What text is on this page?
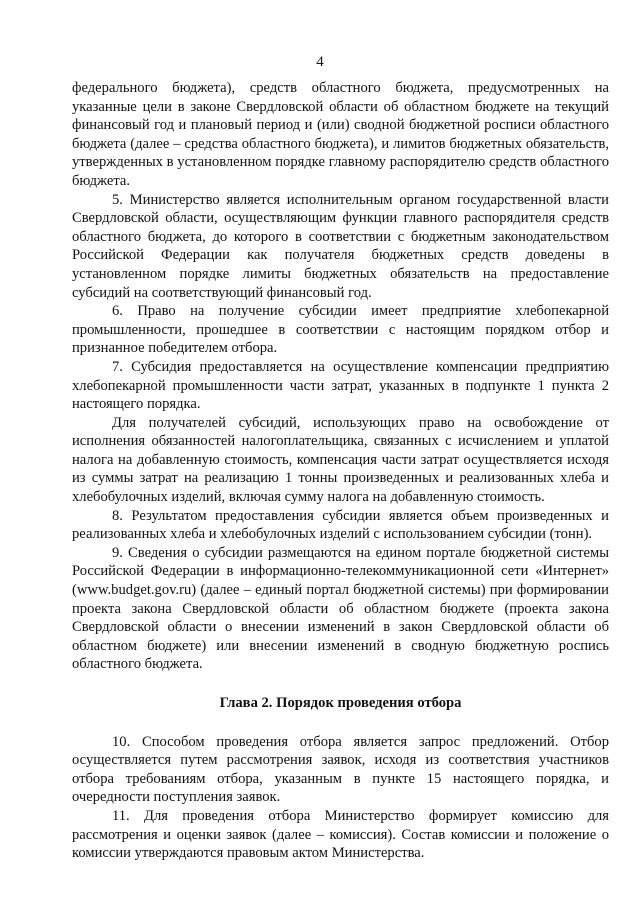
4

федерального бюджета), средств областного бюджета, предусмотренных на указанные цели в законе Свердловской области об областном бюджете на текущий финансовый год и плановый период и (или) сводной бюджетной росписи областного бюджета (далее – средства областного бюджета), и лимитов бюджетных обязательств, утвержденных в установленном порядке главному распорядителю средств областного бюджета.

5. Министерство является исполнительным органом государственной власти Свердловской области, осуществляющим функции главного распорядителя средств областного бюджета, до которого в соответствии с бюджетным законодательством Российской Федерации как получателя бюджетных средств доведены в установленном порядке лимиты бюджетных обязательств на предоставление субсидий на соответствующий финансовый год.

6. Право на получение субсидии имеет предприятие хлебопекарной промышленности, прошедшее в соответствии с настоящим порядком отбор и признанное победителем отбора.

7. Субсидия предоставляется на осуществление компенсации предприятию хлебопекарной промышленности части затрат, указанных в подпункте 1 пункта 2 настоящего порядка.

Для получателей субсидий, использующих право на освобождение от исполнения обязанностей налогоплательщика, связанных с исчислением и уплатой налога на добавленную стоимость, компенсация части затрат осуществляется исходя из суммы затрат на реализацию 1 тонны произведенных и реализованных хлеба и хлебобулочных изделий, включая сумму налога на добавленную стоимость.

8. Результатом предоставления субсидии является объем произведенных и реализованных хлеба и хлебобулочных изделий с использованием субсидии (тонн).

9. Сведения о субсидии размещаются на едином портале бюджетной системы Российской Федерации в информационно-телекоммуникационной сети «Интернет» (www.budget.gov.ru) (далее – единый портал бюджетной системы) при формировании проекта закона Свердловской области об областном бюджете (проекта закона Свердловской области о внесении изменений в закон Свердловской области об областном бюджете) или внесении изменений в сводную бюджетную роспись областного бюджета.

Глава 2. Порядок проведения отбора

10. Способом проведения отбора является запрос предложений. Отбор осуществляется путем рассмотрения заявок, исходя из соответствия участников отбора требованиям отбора, указанным в пункте 15 настоящего порядка, и очередности поступления заявок.

11. Для проведения отбора Министерство формирует комиссию для рассмотрения и оценки заявок (далее – комиссия). Состав комиссии и положение о комиссии утверждаются правовым актом Министерства.
